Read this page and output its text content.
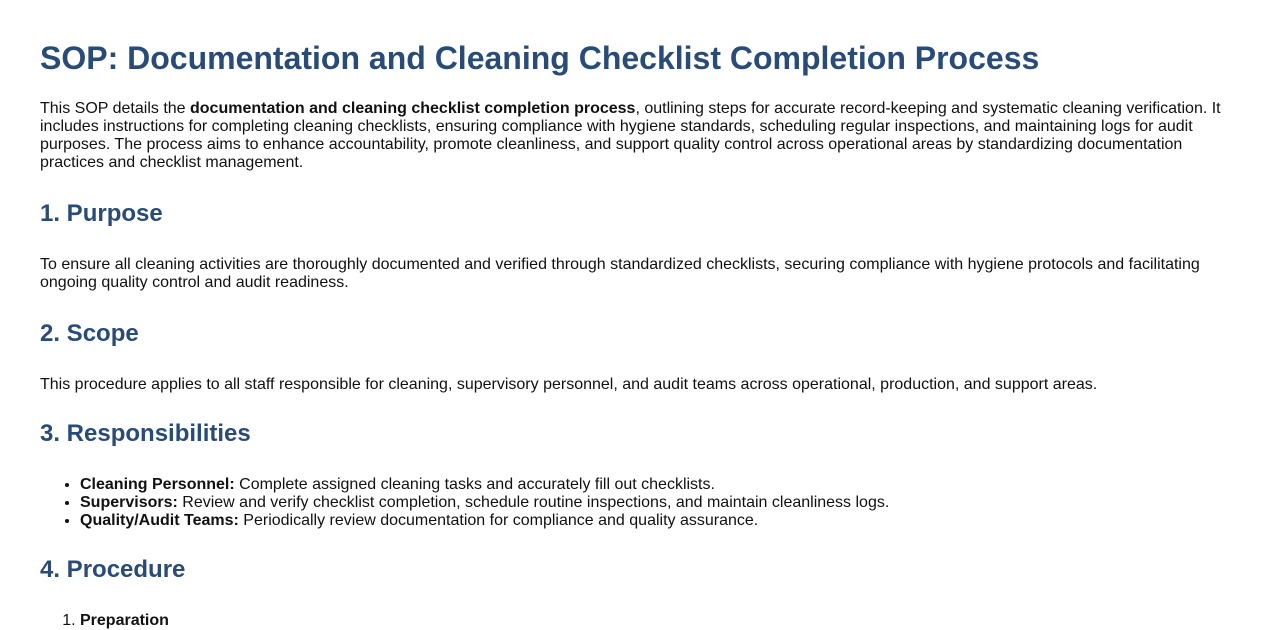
SOP: Documentation and Cleaning Checklist Completion Process

This SOP details the documentation and cleaning checklist completion process, outlining steps for accurate record-keeping and systematic cleaning verification. It includes instructions for completing cleaning checklists, ensuring compliance with hygiene standards, scheduling regular inspections, and maintaining logs for audit purposes. The process aims to enhance accountability, promote cleanliness, and support quality control across operational areas by standardizing documentation practices and checklist management.

1. Purpose

To ensure all cleaning activities are thoroughly documented and verified through standardized checklists, securing compliance with hygiene protocols and facilitating ongoing quality control and audit readiness.

2. Scope

This procedure applies to all staff responsible for cleaning, supervisory personnel, and audit teams across operational, production, and support areas.

3. Responsibilities
• Cleaning Personnel: Complete assigned cleaning tasks and accurately fill out checklists.
• Supervisors: Review and verify checklist completion, schedule routine inspections, and maintain cleanliness logs.
• Quality/Audit Teams: Periodically review documentation for compliance and quality assurance.
4. Procedure
1. Preparation
